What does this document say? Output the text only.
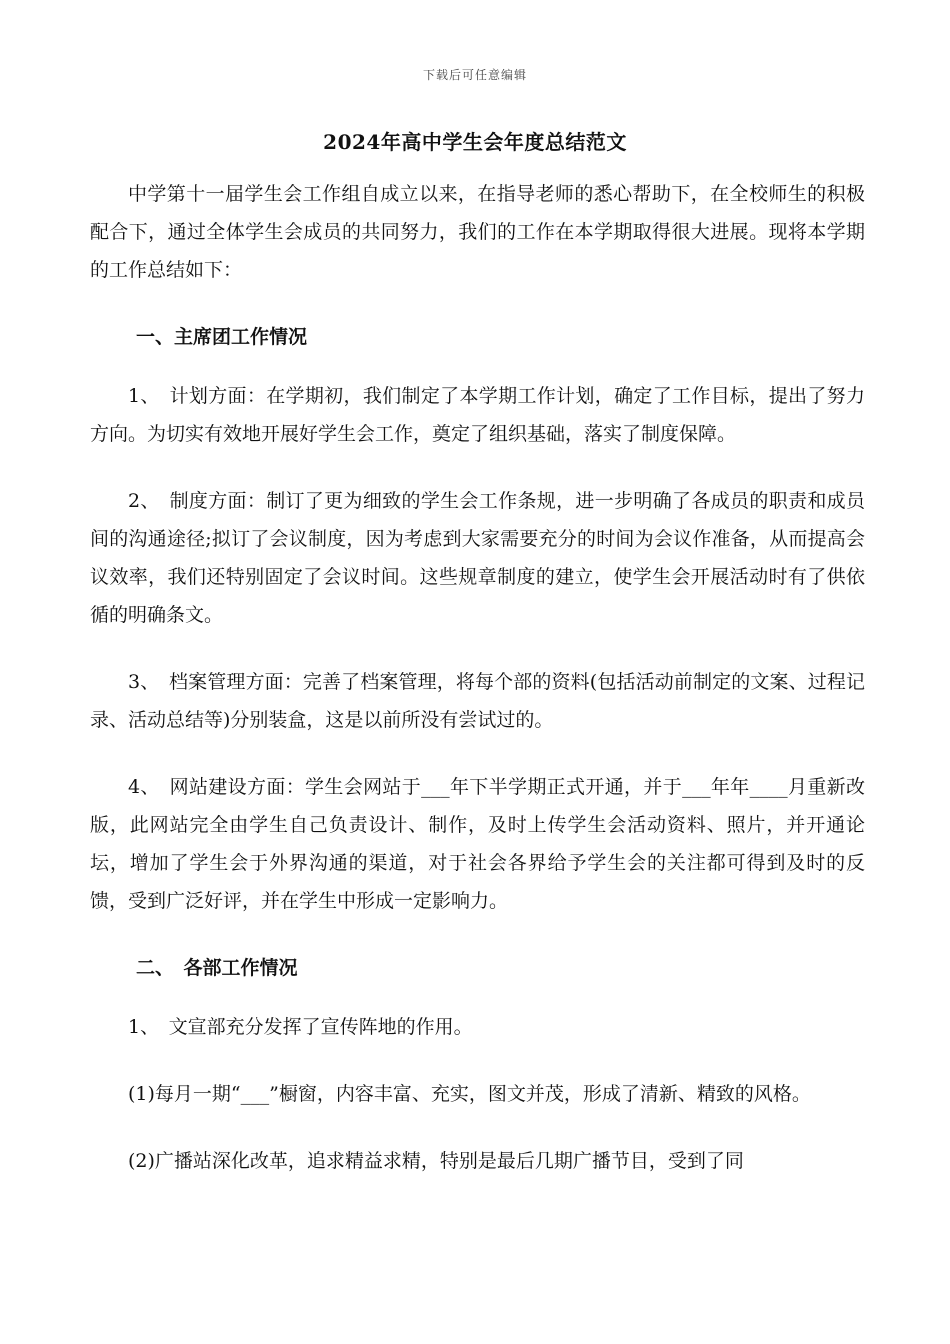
下载后可任意编辑
2024年高中学生会年度总结范文

中学第十一届学生会工作组自成立以来，在指导老师的悉心帮助下，在全校师生的积极配合下，通过全体学生会成员的共同努力，我们的工作在本学期取得很大进展。现将本学期的工作总结如下：

一、主席团工作情况

1、　计划方面：在学期初，我们制定了本学期工作计划，确定了工作目标，提出了努力方向。为切实有效地开展好学生会工作，奠定了组织基础，落实了制度保障。

2、　制度方面：制订了更为细致的学生会工作条规，进一步明确了各成员的职责和成员间的沟通途径;拟订了会议制度，因为考虑到大家需要充分的时间为会议作准备，从而提高会议效率，我们还特别固定了会议时间。这些规章制度的建立，使学生会开展活动时有了供依循的明确条文。

3、　档案管理方面：完善了档案管理，将每个部的资料(包括活动前制定的文案、过程记录、活动总结等)分别装盒，这是以前所没有尝试过的。

4、　网站建设方面：学生会网站于___年下半学期正式开通，并于___年年____月重新改版，此网站完全由学生自己负责设计、制作，及时上传学生会活动资料、照片，并开通论坛，增加了学生会于外界沟通的渠道，对于社会各界给予学生会的关注都可得到及时的反馈，受到广泛好评，并在学生中形成一定影响力。

二、　各部工作情况

1、　文宣部充分发挥了宣传阵地的作用。

(1)每月一期“___”橱窗，内容丰富、充实，图文并茂，形成了清新、精致的风格。

(2)广播站深化改革，追求精益求精，特别是最后几期广播节目，受到了同
